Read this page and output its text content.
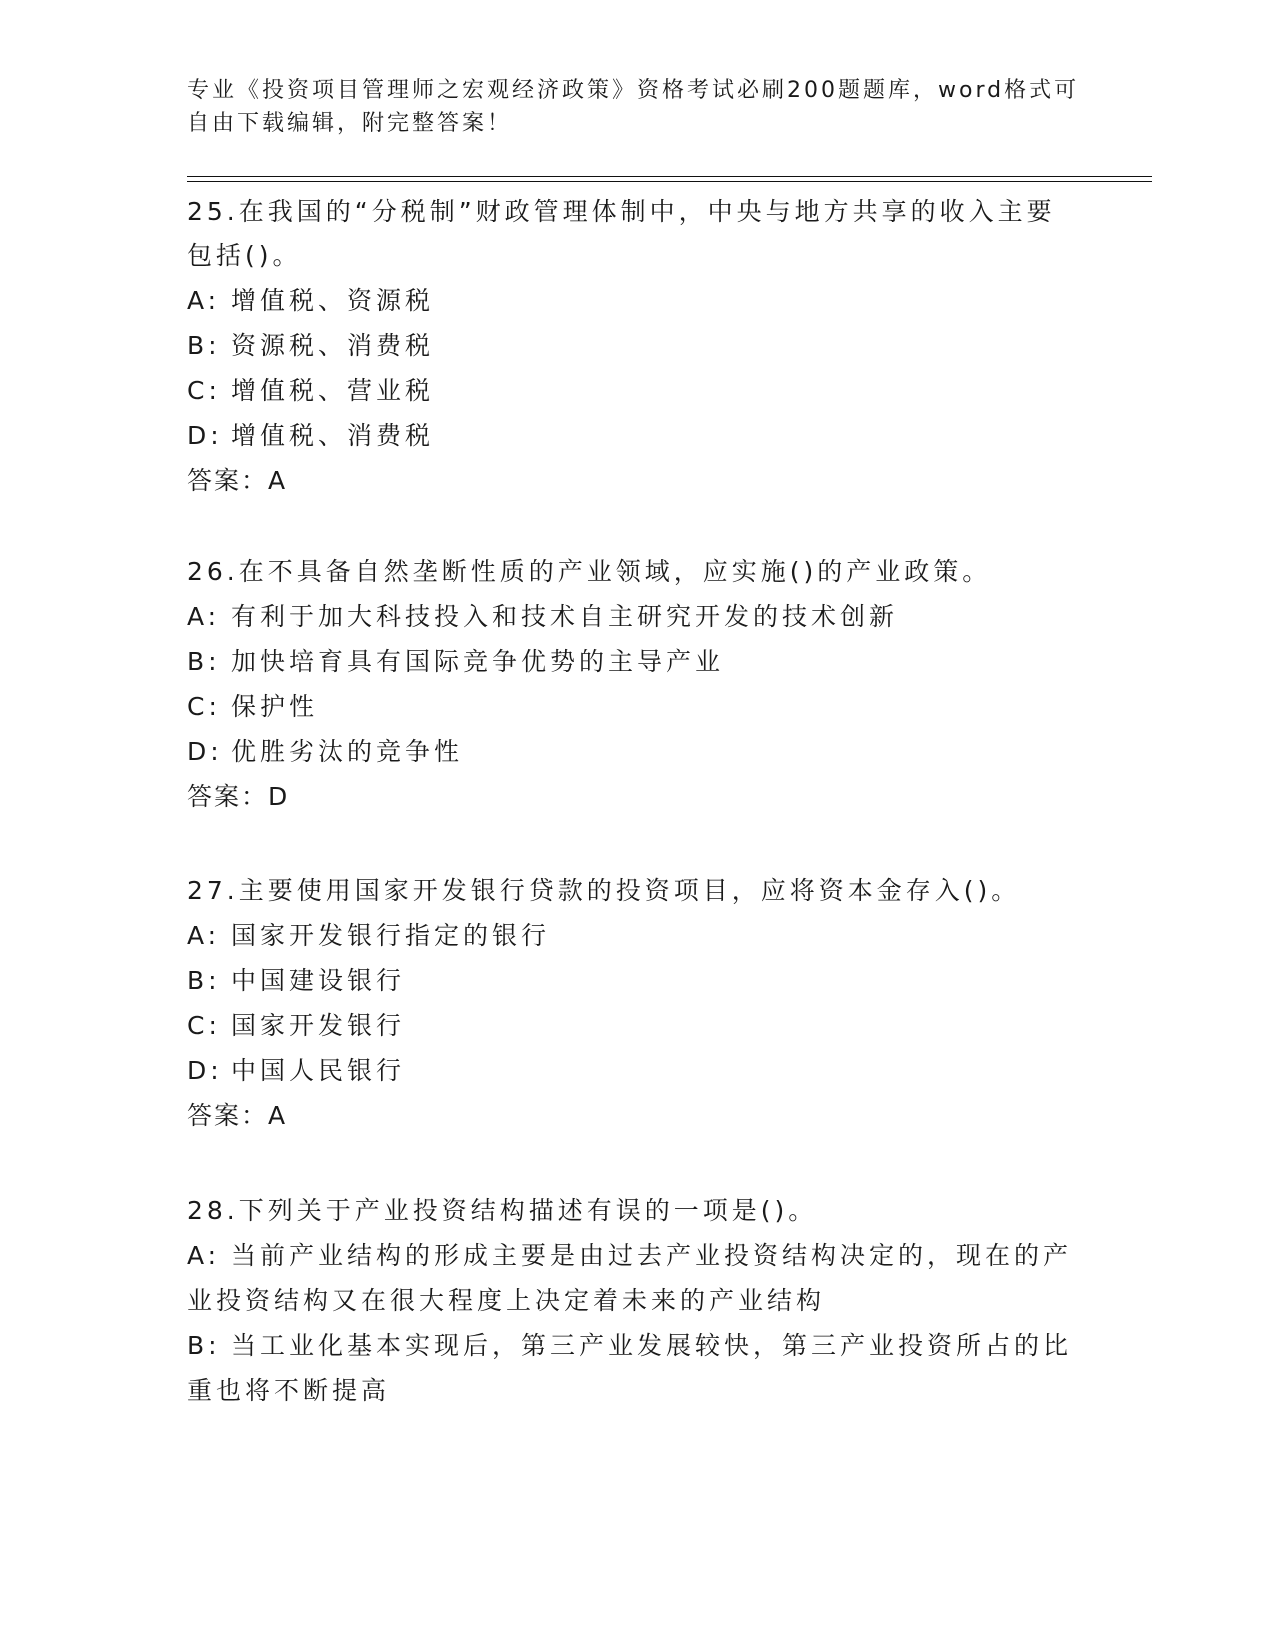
专业《投资项目管理师之宏观经济政策》资格考试必刷200题题库，word格式可
自由下载编辑，附完整答案！
25.在我国的“分税制”财政管理体制中，中央与地方共享的收入主要
包括()。
A: 增值税、资源税
B: 资源税、消费税
C: 增值税、营业税
D: 增值税、消费税
答案：A
26.在不具备自然垄断性质的产业领域，应实施()的产业政策。
A: 有利于加大科技投入和技术自主研究开发的技术创新
B: 加快培育具有国际竞争优势的主导产业
C: 保护性
D: 优胜劣汰的竞争性
答案：D
27.主要使用国家开发银行贷款的投资项目，应将资本金存入()。
A: 国家开发银行指定的银行
B: 中国建设银行
C: 国家开发银行
D: 中国人民银行
答案：A
28.下列关于产业投资结构描述有误的一项是()。
A: 当前产业结构的形成主要是由过去产业投资结构决定的，现在的产
业投资结构又在很大程度上决定着未来的产业结构
B: 当工业化基本实现后，第三产业发展较快，第三产业投资所占的比
重也将不断提高
